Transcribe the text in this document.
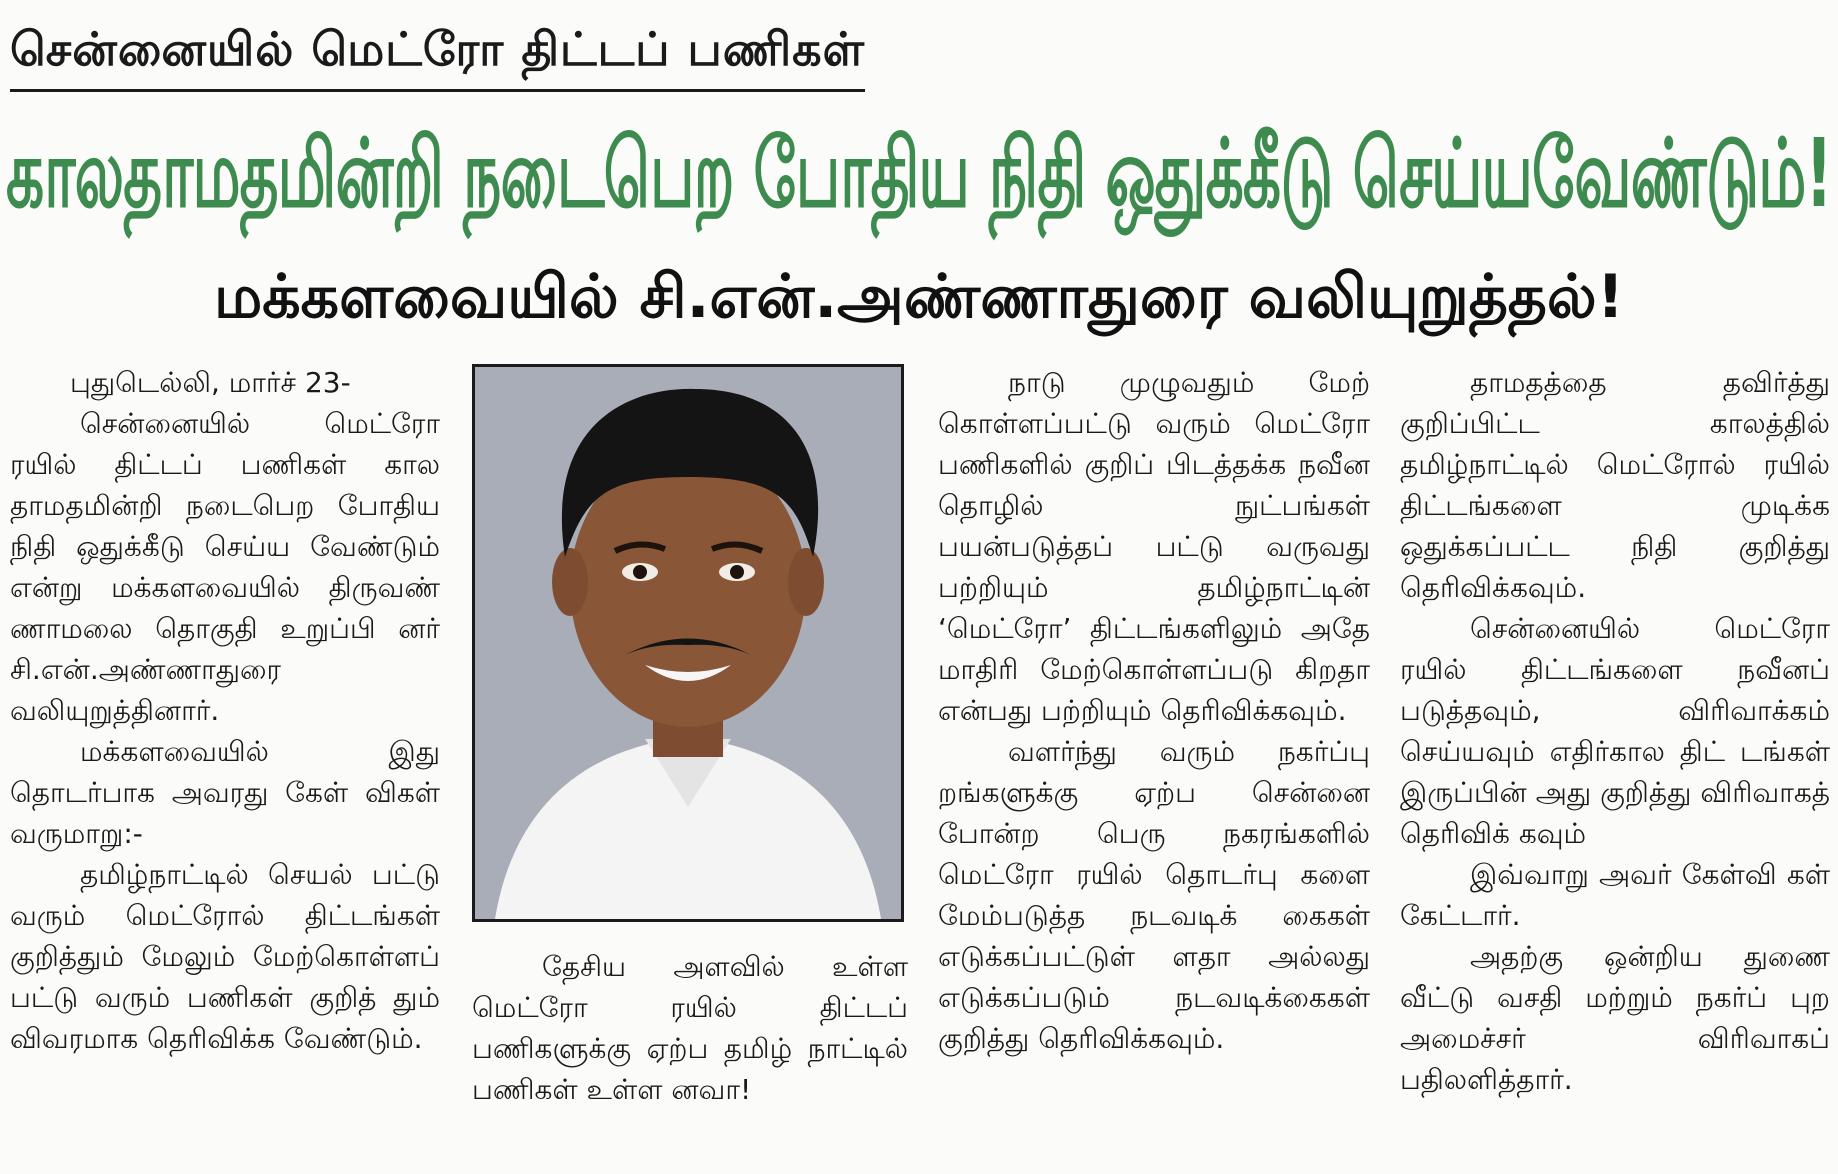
சென்னையில் மெட்ரோ திட்டப் பணிகள்
காலதாமதமின்றி நடைபெற போதிய நிதி ஒதுக்கீடு செய்யவேண்டும்!
மக்களவையில் சி.என்.அண்ணாதுரை வலியுறுத்தல்!

புதுடெல்லி, மார்ச் 23-

சென்னையில் மெட்ரோ ரயில் திட்டப் பணிகள் கால தாமதமின்றி நடைபெற போதிய நிதி ஒதுக்கீடு செய்ய வேண்டும் என்று மக்களவையில் திருவண் ணாமலை தொகுதி உறுப்பி னர் சி.என்.அண்ணாதுரை வலியுறுத்தினார்.

மக்களவையில் இது தொடர்பாக அவரது கேள் விகள் வருமாறு:-

தமிழ்நாட்டில் செயல் பட்டு வரும் மெட்ரோல் திட்டங்கள் குறித்தும் மேலும் மேற்கொள்ளப் பட்டு வரும் பணிகள் குறித் தும் விவரமாக தெரிவிக்க வேண்டும்.

தேசிய அளவில் உள்ள மெட்ரோ ரயில் திட்டப் பணிகளுக்கு ஏற்ப தமிழ் நாட்டில் பணிகள் உள்ள னவா!

நாடு முழுவதும் மேற் கொள்ளப்பட்டு வரும் மெட்ரோ பணிகளில் குறிப் பிடத்தக்க நவீன தொழில் நுட்பங்கள் பயன்படுத்தப் பட்டு வருவது பற்றியும் தமிழ்நாட்டின் ‘மெட்ரோ’ திட்டங்களிலும் அதே மாதிரி மேற்கொள்ளப்படு கிறதா என்பது பற்றியும் தெரிவிக்கவும்.

வளர்ந்து வரும் நகர்ப்பு றங்களுக்கு ஏற்ப சென்னை போன்ற பெரு நகரங்களில் மெட்ரோ ரயில் தொடர்பு களை மேம்படுத்த நடவடிக் கைகள் எடுக்கப்பட்டுள் ளதா அல்லது எடுக்கப்படும் நடவடிக்கைகள் குறித்து தெரிவிக்கவும்.

தாமதத்தை தவிர்த்து குறிப்பிட்ட காலத்தில் தமிழ்நாட்டில் மெட்ரோல் ரயில் திட்டங்களை முடிக்க ஒதுக்கப்பட்ட நிதி குறித்து தெரிவிக்கவும்.

சென்னையில் மெட்ரோ ரயில் திட்டங்களை நவீனப் படுத்தவும், விரிவாக்கம் செய்யவும் எதிர்கால திட் டங்கள் இருப்பின் அது குறித்து விரிவாகத் தெரிவிக் கவும்

இவ்வாறு அவர் கேள்வி கள் கேட்டார்.

அதற்கு ஒன்றிய துணை வீட்டு வசதி மற்றும் நகர்ப் புற அமைச்சர் விரிவாகப் பதிலளித்தார்.
